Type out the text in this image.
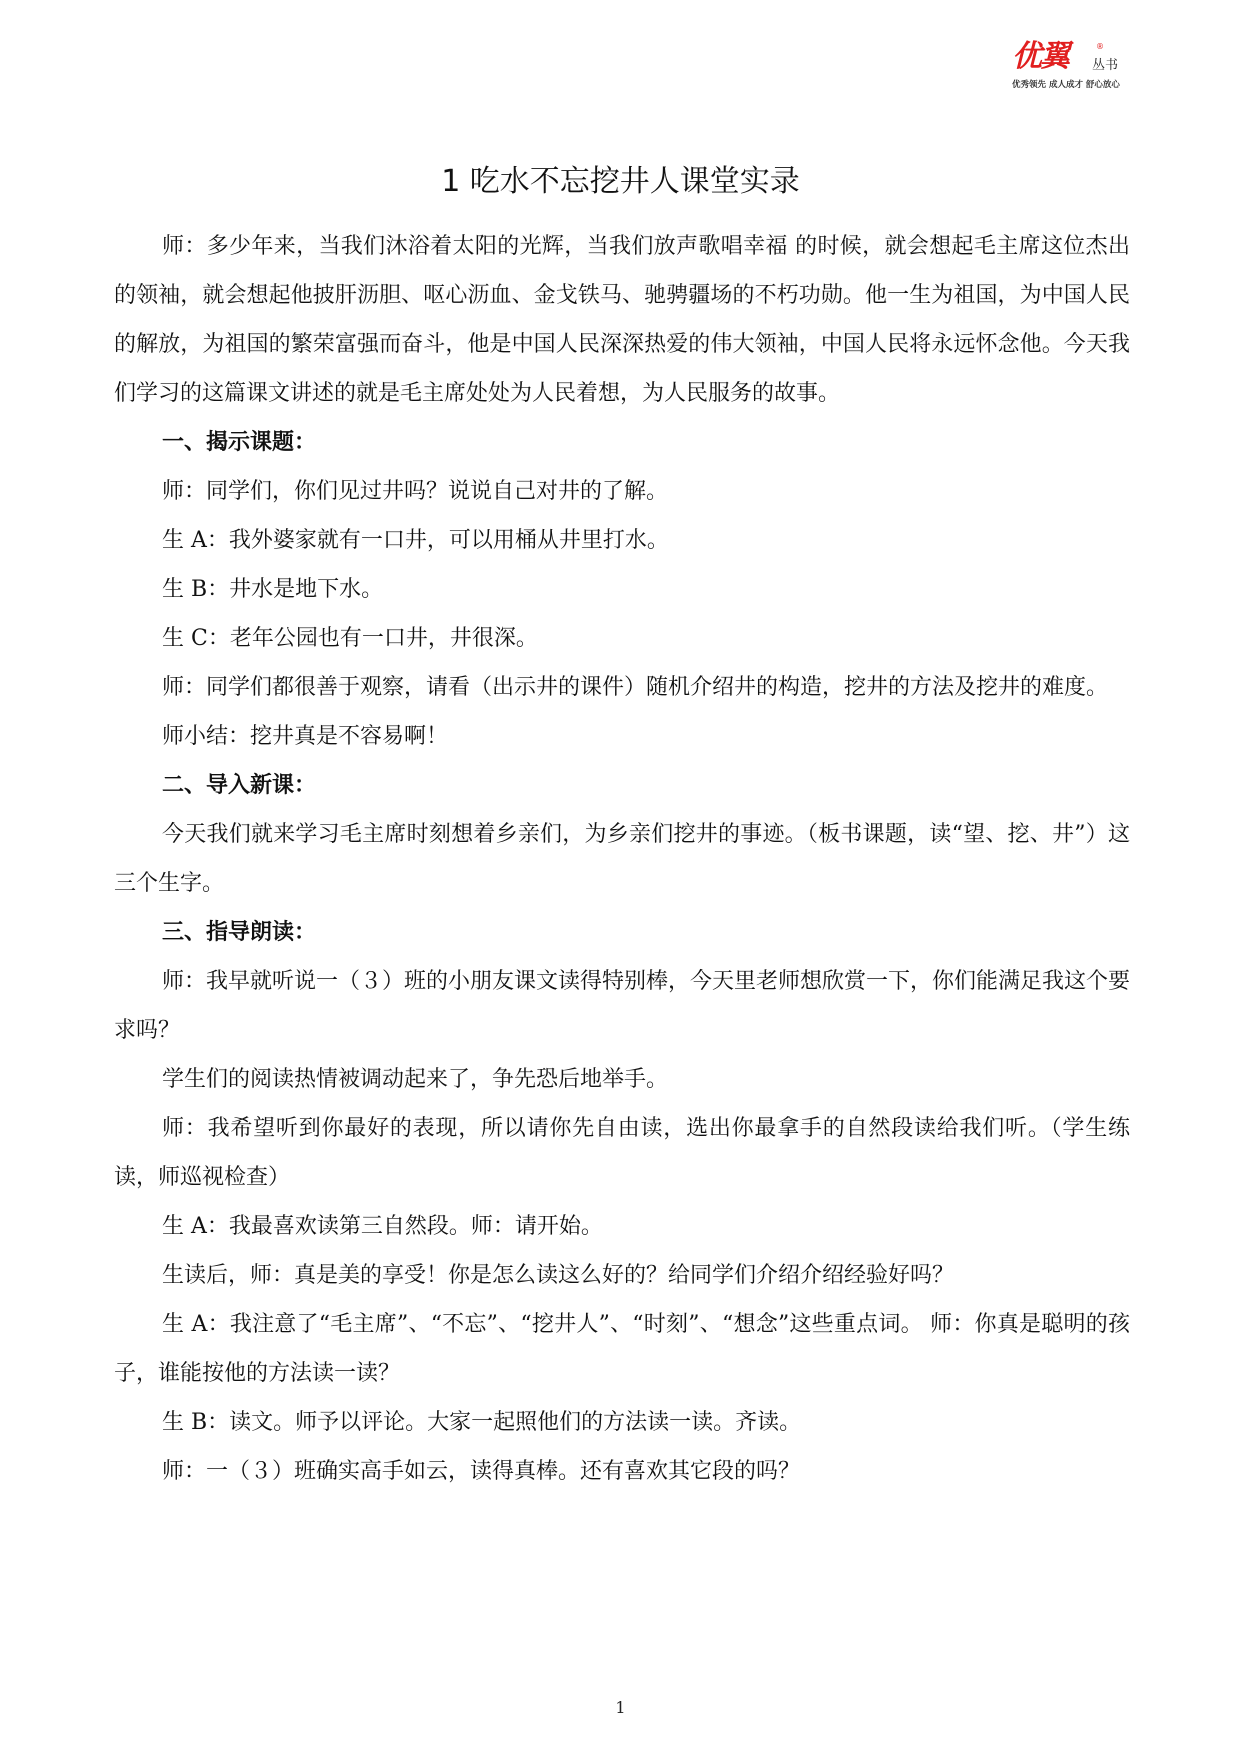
优翼	®
丛书
优秀领先 成人成才 舒心放心
1 吃水不忘挖井人课堂实录

师：多少年来，当我们沐浴着太阳的光辉，当我们放声歌唱幸福 的时候，就会想起毛主席这位杰出的领袖，就会想起他披肝沥胆、呕心沥血、金戈铁马、驰骋疆场的不朽功勋。他一生为祖国，为中国人民的解放，为祖国的繁荣富强而奋斗，他是中国人民深深热爱的伟大领袖，中国人民将永远怀念他。今天我们学习的这篇课文讲述的就是毛主席处处为人民着想，为人民服务的故事。

一、揭示课题：

师：同学们，你们见过井吗？说说自己对井的了解。

生 A：我外婆家就有一口井，可以用桶从井里打水。

生 B：井水是地下水。

生 C：老年公园也有一口井，井很深。

师：同学们都很善于观察，请看（出示井的课件）随机介绍井的构造，挖井的方法及挖井的难度。

师小结：挖井真是不容易啊！

二、导入新课：

今天我们就来学习毛主席时刻想着乡亲们，为乡亲们挖井的事迹。（板书课题，读“望、挖、井”）这三个生字。

三、指导朗读：

师：我早就听说一（３）班的小朋友课文读得特别棒，今天里老师想欣赏一下，你们能满足我这个要求吗？

学生们的阅读热情被调动起来了，争先恐后地举手。

师：我希望听到你最好的表现，所以请你先自由读，选出你最拿手的自然段读给我们听。（学生练读，师巡视检查）

生 A：我最喜欢读第三自然段。师：请开始。

生读后，师：真是美的享受！你是怎么读这么好的？给同学们介绍介绍经验好吗？

生 A：我注意了“毛主席”、“不忘”、“挖井人”、“时刻”、“想念”这些重点词。 师：你真是聪明的孩子，谁能按他的方法读一读？

生 B：读文。师予以评论。大家一起照他们的方法读一读。齐读。

师：一（３）班确实高手如云，读得真棒。还有喜欢其它段的吗？

1
